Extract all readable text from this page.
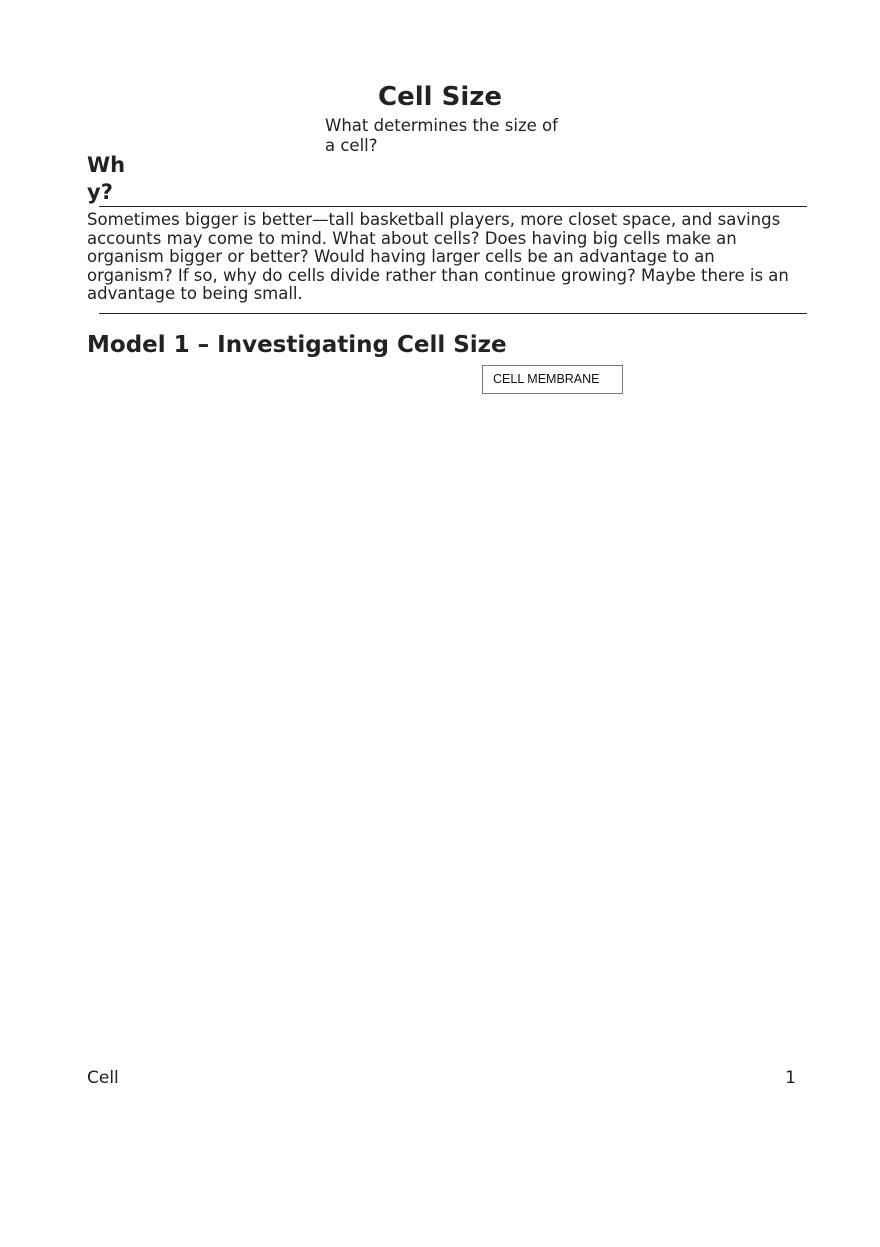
Cell Size

What determines the size of a cell?

Why?

Sometimes bigger is better—tall basketball players, more closet space, and savings accounts may come to mind. What about cells? Does having big cells make an organism bigger or better? Would having larger cells be an advantage to an organism? If so, why do cells divide rather than continue growing? Maybe there is an advantage to being small.

Model 1 – Investigating Cell Size
CELL MEMBRANE
Cell	1
